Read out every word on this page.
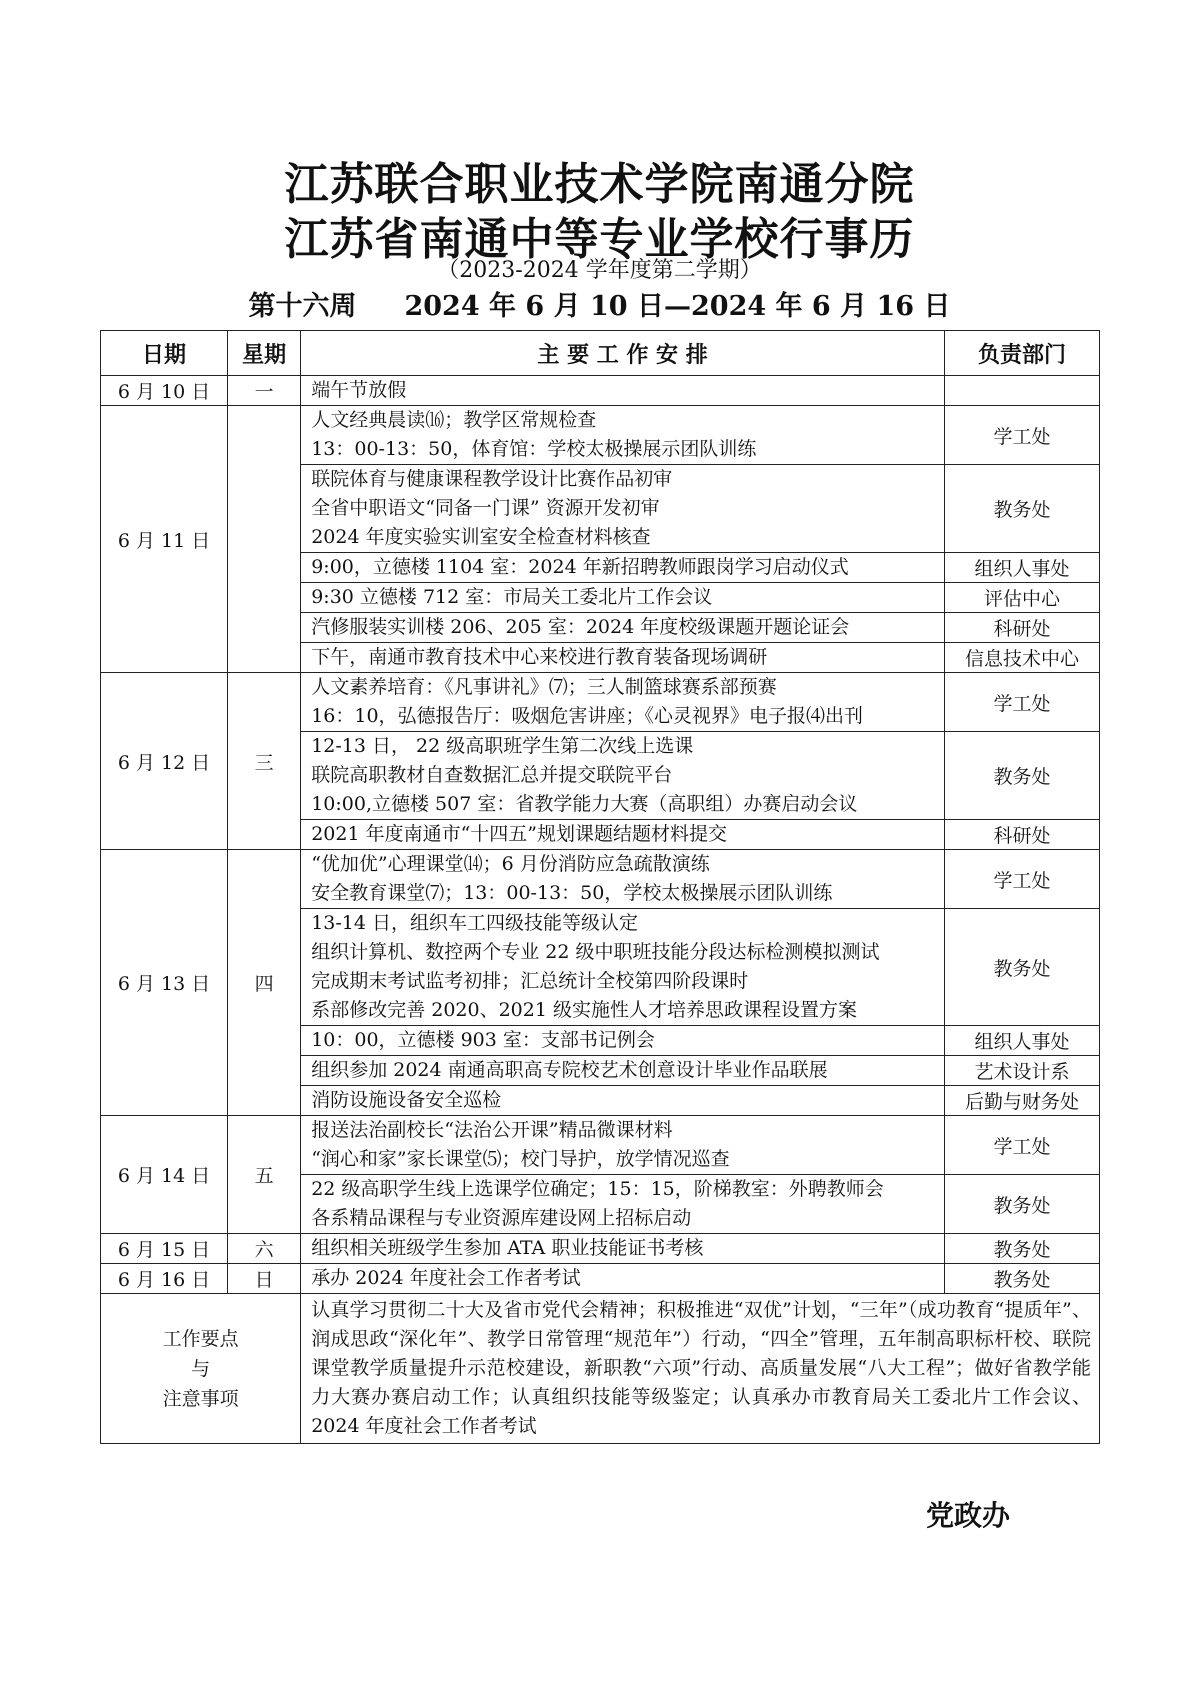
江苏联合职业技术学院南通分院
江苏省南通中等专业学校行事历
（2023-2024 学年度第二学期）
第十六周 2024 年 6 月 10 日—2024 年 6 月 16 日
日期	星期	主 要 工 作 安 排	负责部门
6 月 10 日	一	端午节放假	

6 月 11 日		人文经典晨读⒃；教学区常规检查
13：00-13：50，体育馆：学校太极操展示团队训练	学工处

		联院体育与健康课程教学设计比赛作品初审
全省中职语文“同备一门课” 资源开发初审
2024 年度实验实训室安全检查材料核查	教务处

		9:00，立德楼 1104 室：2024 年新招聘教师跟岗学习启动仪式	组织人事处

		9:30 立德楼 712 室：市局关工委北片工作会议	评估中心

		汽修服装实训楼 206、205 室：2024 年度校级课题开题论证会	科研处

		下午，南通市教育技术中心来校进行教育装备现场调研	信息技术中心
6 月 12 日	三	人文素养培育：《凡事讲礼》⑺；三人制篮球赛系部预赛
16：10，弘德报告厅：吸烟危害讲座；《心灵视界》电子报⑷出刊	学工处

		12-13 日， 22 级高职班学生第二次线上选课
联院高职教材自查数据汇总并提交联院平台
10:00,立德楼 507 室：省教学能力大赛（高职组）办赛启动会议	教务处

		2021 年度南通市“十四五”规划课题结题材料提交	科研处
6 月 13 日	四	“优加优”心理课堂⒁；6 月份消防应急疏散演练
安全教育课堂⑺；13：00-13：50，学校太极操展示团队训练	学工处

		13-14 日，组织车工四级技能等级认定
组织计算机、数控两个专业 22 级中职班技能分段达标检测模拟测试
完成期末考试监考初排；汇总统计全校第四阶段课时
系部修改完善 2020、2021 级实施性人才培养思政课程设置方案	教务处

		10：00，立德楼 903 室：支部书记例会	组织人事处

		组织参加 2024 南通高职高专院校艺术创意设计毕业作品联展	艺术设计系

		消防设施设备安全巡检	后勤与财务处
6 月 14 日	五	报送法治副校长“法治公开课”精品微课材料
“润心和家”家长课堂⑸；校门导护，放学情况巡查	学工处

		22 级高职学生线上选课学位确定；15：15，阶梯教室：外聘教师会
各系精品课程与专业资源库建设网上招标启动	教务处

6 月 15 日	六	组织相关班级学生参加 ATA 职业技能证书考核	教务处
6 月 16 日	日	承办 2024 年度社会工作者考试	教务处

工作要点
与
注意事项		认真学习贯彻二十大及省市党代会精神；积极推进“双优”计划，“三年”（成功教育“提质年”、润成思政“深化年”、教学日常管理“规范年”）行动，“四全”管理，五年制高职标杆校、联院课堂教学质量提升示范校建设，新职教“六项”行动、高质量发展“八大工程”；做好省教学能力大赛办赛启动工作；认真组织技能等级鉴定；认真承办市教育局关工委北片工作会议、2024 年度社会工作者考试	
党政办
